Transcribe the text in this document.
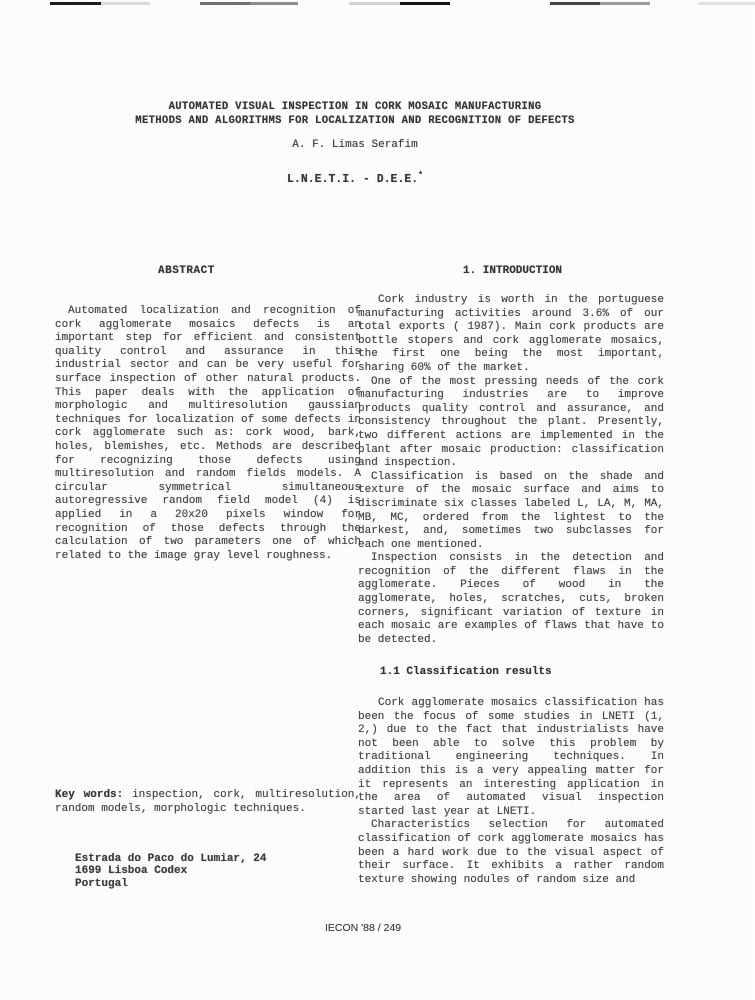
AUTOMATED VISUAL INSPECTION IN CORK MOSAIC MANUFACTURING
METHODS AND ALGORITHMS FOR LOCALIZATION AND RECOGNITION OF DEFECTS
A. F. Limas Serafim
L.N.E.T.I. - D.E.E.*
ABSTRACT
Automated localization and recognition of
cork agglomerate mosaics defects is an
important step for efficient and consistent
quality control and assurance in this
industrial sector and can be very useful for
surface inspection of other natural products.
This paper deals with the application of
morphologic and multiresolution gaussian
techniques for localization of some defects in
cork agglomerate such as: cork wood, bark,
holes, blemishes, etc. Methods are described
for recognizing those defects using
multiresolution and random fields models. A
circular symmetrical simultaneous
autoregressive random field model (4) is
applied in a 20x20 pixels window for
recognition of those defects through the
calculation of two parameters one of which
related to the image gray level roughness.
Key words: inspection, cork, multiresolution,
random models, morphologic techniques.
Estrada do Paco do Lumiar, 24
1699 Lisboa Codex
Portugal
1. INTRODUCTION
Cork industry is worth in the portuguese
manufacturing activities around 3.6% of our
total exports ( 1987). Main cork products are
bottle stopers and cork agglomerate mosaics,
the first one being the most important,
sharing 60% of the market.
One of the most pressing needs of the cork
manufacturing industries are to improve
products quality control and assurance, and
consistency throughout the plant. Presently,
two different actions are implemented in the
plant after mosaic production: classification
and inspection.
Classification is based on the shade and
texture of the mosaic surface and aims to
discriminate six classes labeled L, LA, M, MA,
MB, MC, ordered from the lightest to the
darkest, and, sometimes two subclasses for
each one mentioned.
Inspection consists in the detection and
recognition of the different flaws in the
agglomerate. Pieces of wood in the
agglomerate, holes, scratches, cuts, broken
corners, significant variation of texture in
each mosaic are examples of flaws that have to
be detected.
1.1 Classification results
Cork agglomerate mosaics classification has
been the focus of some studies in LNETI (1,
2,) due to the fact that industrialists have
not been able to solve this problem by
traditional engineering techniques. In
addition this is a very appealing matter for
it represents an interesting application in
the area of automated visual inspection
started last year at LNETI.
Characteristics selection for automated
classification of cork agglomerate mosaics has
been a hard work due to the visual aspect of
their surface. It exhibits a rather random
texture showing nodules of random size and
IECON '88 / 249
